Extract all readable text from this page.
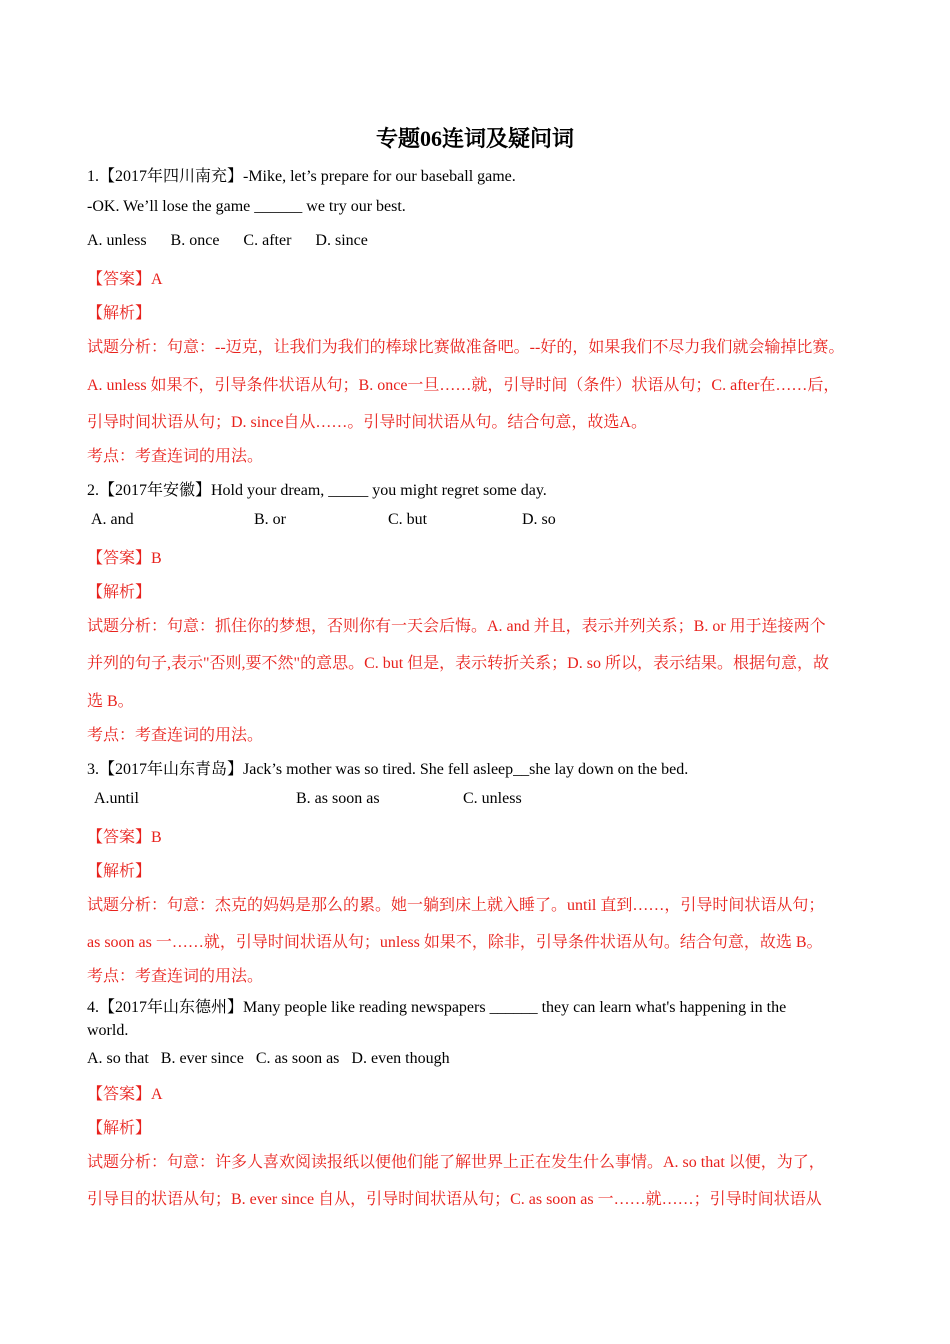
专题06连词及疑问词
1.【2017年四川南充】-Mike, let’s prepare for our baseball game.
-OK. We’ll lose the game ______ we try our best.
A. unless      B. once      C. after      D. since
【答案】A
【解析】
试题分析：句意：--迈克，让我们为我们的棒球比赛做准备吧。--好的，如果我们不尽力我们就会输掉比赛。
A. unless 如果不，引导条件状语从句；B. once一旦……就，引导时间（条件）状语从句；C. after在……后，
引导时间状语从句；D. since自从……。引导时间状语从句。结合句意，故选A。
考点：考查连词的用法。
2.【2017年安徽】Hold your dream, _____ you might regret some day.
A. and	B. or	C. but	D. so
【答案】B
【解析】
试题分析：句意：抓住你的梦想，否则你有一天会后悔。A. and 并且，表示并列关系；B. or 用于连接两个
并列的句子,表示"否则,要不然"的意思。C. but 但是，表示转折关系；D. so 所以，表示结果。根据句意，故
选 B。
考点：考查连词的用法。
3.【2017年山东青岛】Jack’s mother was so tired. She fell asleep__she lay down on the bed.
A.until	B. as soon as	C. unless
【答案】B
【解析】
试题分析：句意：杰克的妈妈是那么的累。她一躺到床上就入睡了。until 直到……，引导时间状语从句；
as soon as 一……就，引导时间状语从句；unless 如果不，除非，引导条件状语从句。结合句意，故选 B。
考点：考查连词的用法。
4.【2017年山东德州】Many people like reading newspapers ______ they can learn what's happening in the
world.
A. so that   B. ever since   C. as soon as   D. even though
【答案】A
【解析】
试题分析：句意：许多人喜欢阅读报纸以便他们能了解世界上正在发生什么事情。A. so that 以便，为了，
引导目的状语从句；B. ever since 自从，引导时间状语从句；C. as soon as 一……就……；引导时间状语从
